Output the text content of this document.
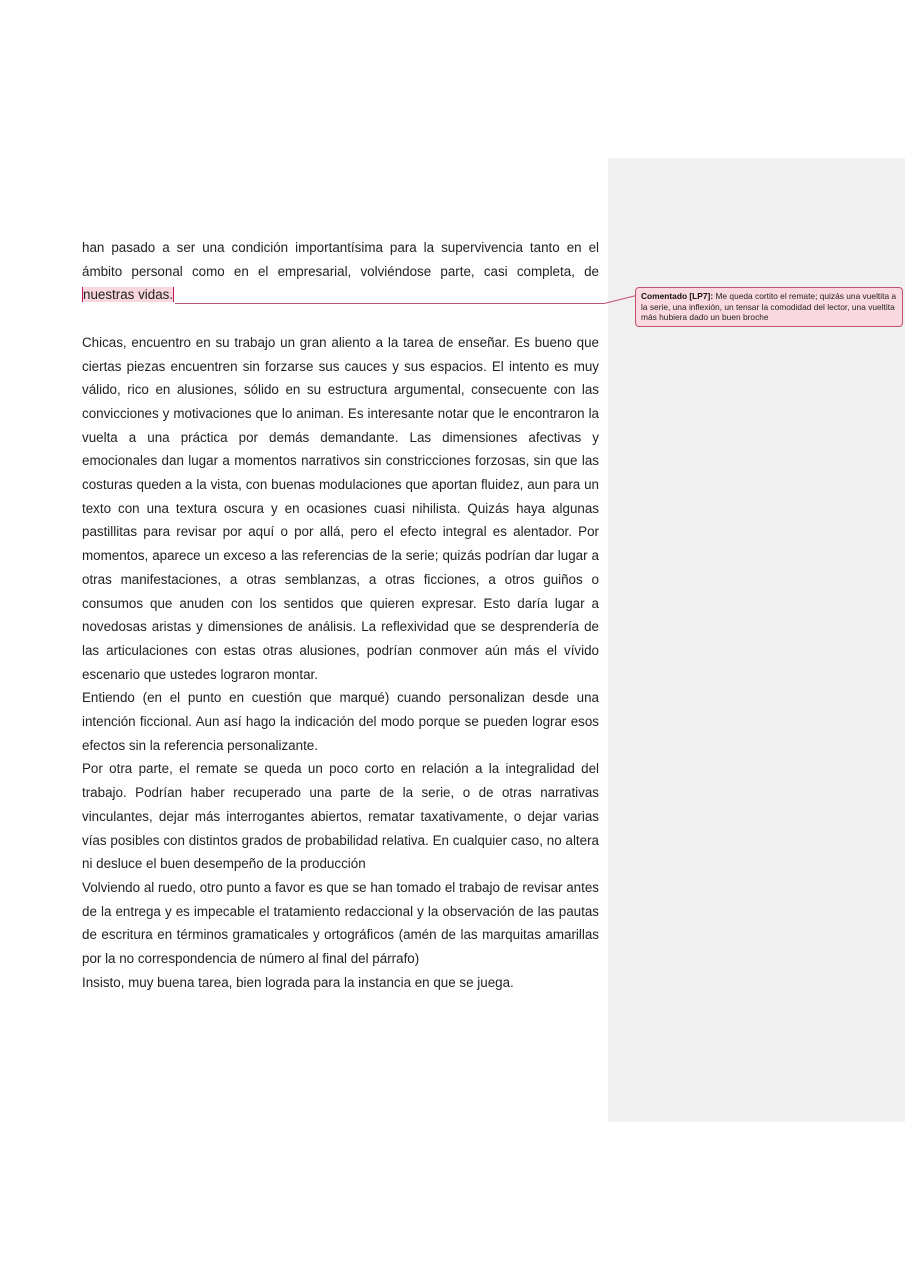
han pasado a ser una condición importantísima para la supervivencia tanto en el ámbito personal como en el empresarial, volviéndose parte, casi completa, de nuestras vidas.

Chicas, encuentro en su trabajo un gran aliento a la tarea de enseñar. Es bueno que ciertas piezas encuentren sin forzarse sus cauces y sus espacios. El intento es muy válido, rico en alusiones, sólido en su estructura argumental, consecuente con las convicciones y motivaciones que lo animan. Es interesante notar que le encontraron la vuelta a una práctica por demás demandante. Las dimensiones afectivas y emocionales dan lugar a momentos narrativos sin constricciones forzosas, sin que las costuras queden a la vista, con buenas modulaciones que aportan fluidez, aun para un texto con una textura oscura y en ocasiones cuasi nihilista. Quizás haya algunas pastillitas para revisar por aquí o por allá, pero el efecto integral es alentador. Por momentos, aparece un exceso a las referencias de la serie; quizás podrían dar lugar a otras manifestaciones, a otras semblanzas, a otras ficciones, a otros guiños o consumos que anuden con los sentidos que quieren expresar. Esto daría lugar a novedosas aristas y dimensiones de análisis. La reflexividad que se desprendería de las articulaciones con estas otras alusiones, podrían conmover aún más el vívido escenario que ustedes lograron montar.

Entiendo (en el punto en cuestión que marqué) cuando personalizan desde una intención ficcional. Aun así hago la indicación del modo porque se pueden lograr esos efectos sin la referencia personalizante.

Por otra parte, el remate se queda un poco corto en relación a la integralidad del trabajo. Podrían haber recuperado una parte de la serie, o de otras narrativas vinculantes, dejar más interrogantes abiertos, rematar taxativamente, o dejar varias vías posibles con distintos grados de probabilidad relativa. En cualquier caso, no altera ni desluce el buen desempeño de la producción

Volviendo al ruedo, otro punto a favor es que se han tomado el trabajo de revisar antes de la entrega y es impecable el tratamiento redaccional y la observación de las pautas de escritura en términos gramaticales y ortográficos (amén de las marquitas amarillas por la no correspondencia de número al final del párrafo)

Insisto, muy buena tarea, bien lograda para la instancia en que se juega.

Comentado [LP7]: Me queda cortito el remate; quizás una vueltita a la serie, una inflexión, un tensar la comodidad del lector, una vueltita más hubiera dado un buen broche
